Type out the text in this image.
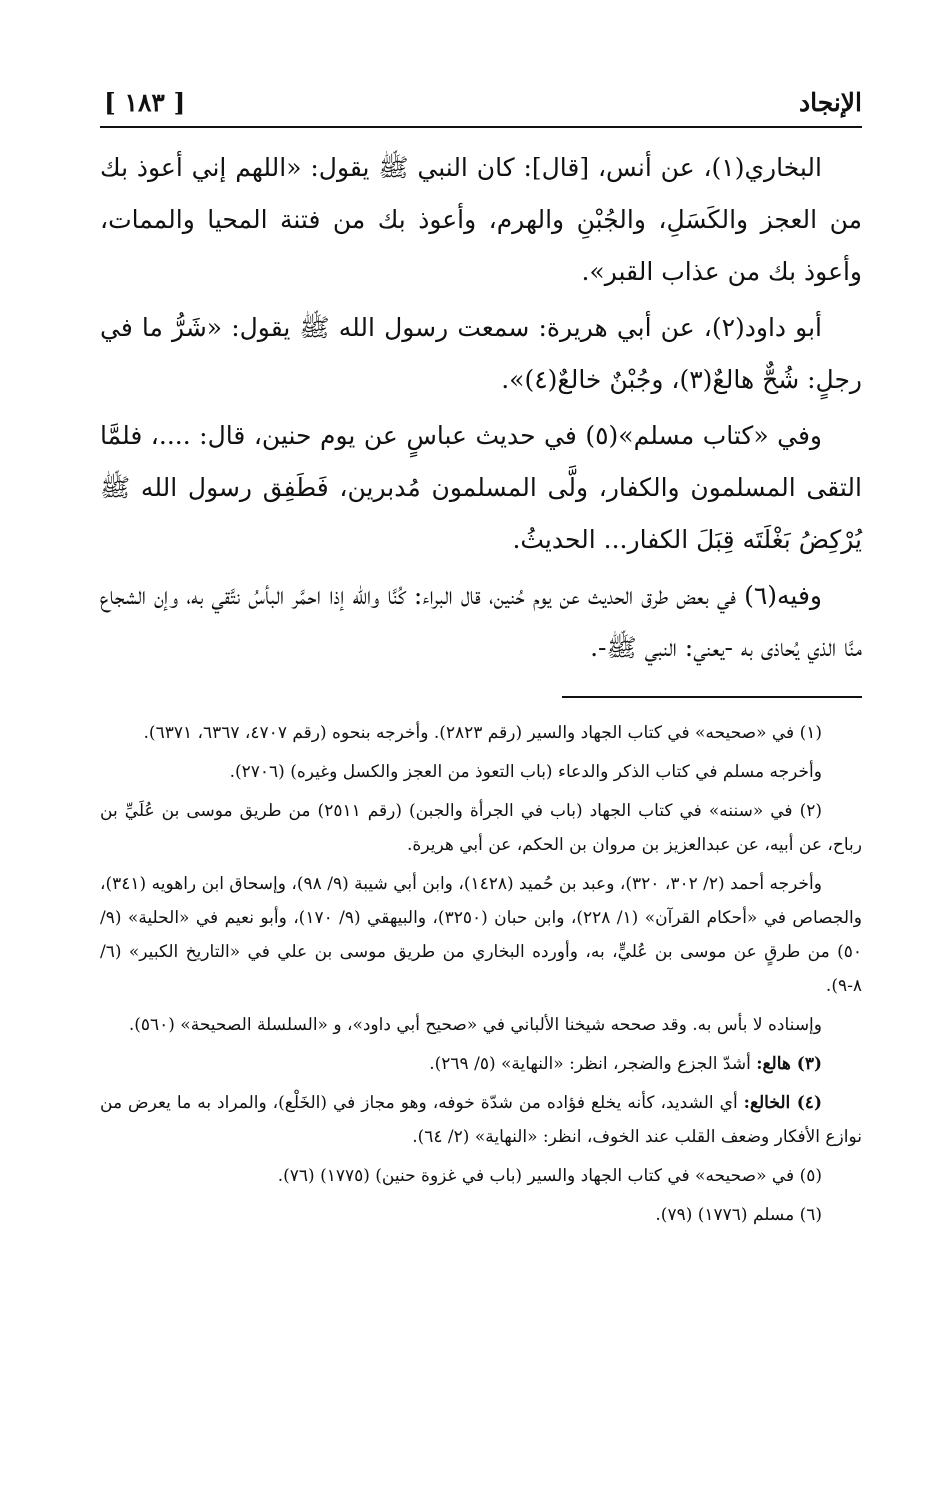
الإنجاد
[ ١٨٣ ]

البخاري(١)، عن أنس، [قال]: كان النبي ﷺ يقول: «اللهم إني أعوذ بك من العجز والكَسَلِ، والجُبْنِ والهرم، وأعوذ بك من فتنة المحيا والممات، وأعوذ بك من عذاب القبر».

أبو داود(٢)، عن أبي هريرة: سمعت رسول الله ﷺ يقول: «شَرُّ ما في رجلٍ: شُحٌّ هالعٌ(٣)، وجُبْنٌ خالعٌ(٤)».

وفي «كتاب مسلم»(٥) في حديث عباسٍ عن يوم حنين، قال: ....، فلمَّا التقى المسلمون والكفار، ولَّى المسلمون مُدبرين، فَطَفِق رسول الله ﷺ يُرْكِضُ بَغْلَتَه قِبَلَ الكفار... الحديثُ.

وفيه(٦) في بعض طرق الحديث عن يوم حُنين، قال البراء: كُنَّا والله إذا احمَّر البأسُ نتَّقي به، وإن الشجاع منَّا الذي يُحاذى به -يعني: النبي ﷺ-.

(١) في «صحيحه» في كتاب الجهاد والسير (رقم ٢٨٢٣). وأخرجه بنحوه (رقم ٤٧٠٧، ٦٣٦٧، ٦٣٧١).

وأخرجه مسلم في كتاب الذكر والدعاء (باب التعوذ من العجز والكسل وغيره) (٢٧٠٦).

(٢) في «سننه» في كتاب الجهاد (باب في الجرأة والجبن) (رقم ٢٥١١) من طريق موسى بن عُلَيِّ بن رباح، عن أبيه، عن عبدالعزيز بن مروان بن الحكم، عن أبي هريرة.

وأخرجه أحمد (٢/ ٣٠٢، ٣٢٠)، وعبد بن حُميد (١٤٢٨)، وابن أبي شيبة (٩/ ٩٨)، وإسحاق ابن راهويه (٣٤١)، والجصاص في «أحكام القرآن» (١/ ٢٢٨)، وابن حبان (٣٢٥٠)، والبيهقي (٩/ ١٧٠)، وأبو نعيم في «الحلية» (٩/ ٥٠) من طرقٍ عن موسى بن عُليٍّ، به، وأورده البخاري من طريق موسى بن علي في «التاريخ الكبير» (٦/ ٨-٩).

وإسناده لا بأس به. وقد صححه شيخنا الألباني في «صحيح أبي داود»، و «السلسلة الصحيحة» (٥٦٠).

(٣) هالع: أشدّ الجزع والضجر، انظر: «النهاية» (٥/ ٢٦٩).

(٤) الخالع: أي الشديد، كأنه يخلع فؤاده من شدّة خوفه، وهو مجاز في (الخَلْع)، والمراد به ما يعرض من نوازع الأفكار وضعف القلب عند الخوف، انظر: «النهاية» (٢/ ٦٤).

(٥) في «صحيحه» في كتاب الجهاد والسير (باب في غزوة حنين) (١٧٧٥) (٧٦).

(٦) مسلم (١٧٧٦) (٧٩).
